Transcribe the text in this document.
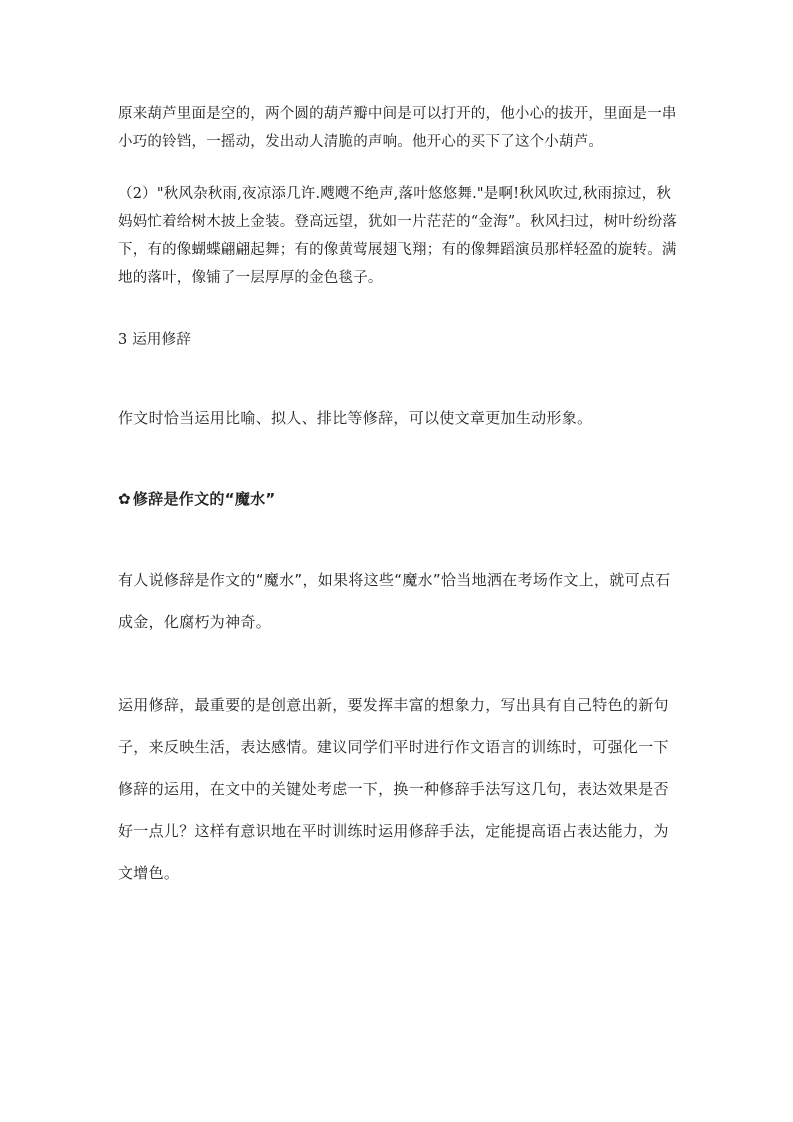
原来葫芦里面是空的，两个圆的葫芦瓣中间是可以打开的，他小心的拔开，里面是一串小巧的铃铛，一摇动，发出动人清脆的声响。他开心的买下了这个小葫芦。

（2）"秋风杂秋雨,夜凉添几许.飕飕不绝声,落叶悠悠舞."是啊!秋风吹过,秋雨掠过，秋妈妈忙着给树木披上金装。登高远望，犹如一片茫茫的“金海”。秋风扫过，树叶纷纷落下，有的像蝴蝶翩翩起舞；有的像黄莺展翅飞翔；有的像舞蹈演员那样轻盈的旋转。满地的落叶，像铺了一层厚厚的金色毯子。

3 运用修辞

作文时恰当运用比喻、拟人、排比等修辞，可以使文章更加生动形象。

✿ 修辞是作文的“魔水”

有人说修辞是作文的“魔水”，如果将这些“魔水”恰当地洒在考场作文上，就可点石成金，化腐朽为神奇。

运用修辞，最重要的是创意出新，要发挥丰富的想象力，写出具有自己特色的新句子，来反映生活，表达感情。建议同学们平时进行作文语言的训练时，可强化一下修辞的运用，在文中的关键处考虑一下，换一种修辞手法写这几句，表达效果是否好一点儿？这样有意识地在平时训练时运用修辞手法，定能提高语占表达能力，为文增色。
